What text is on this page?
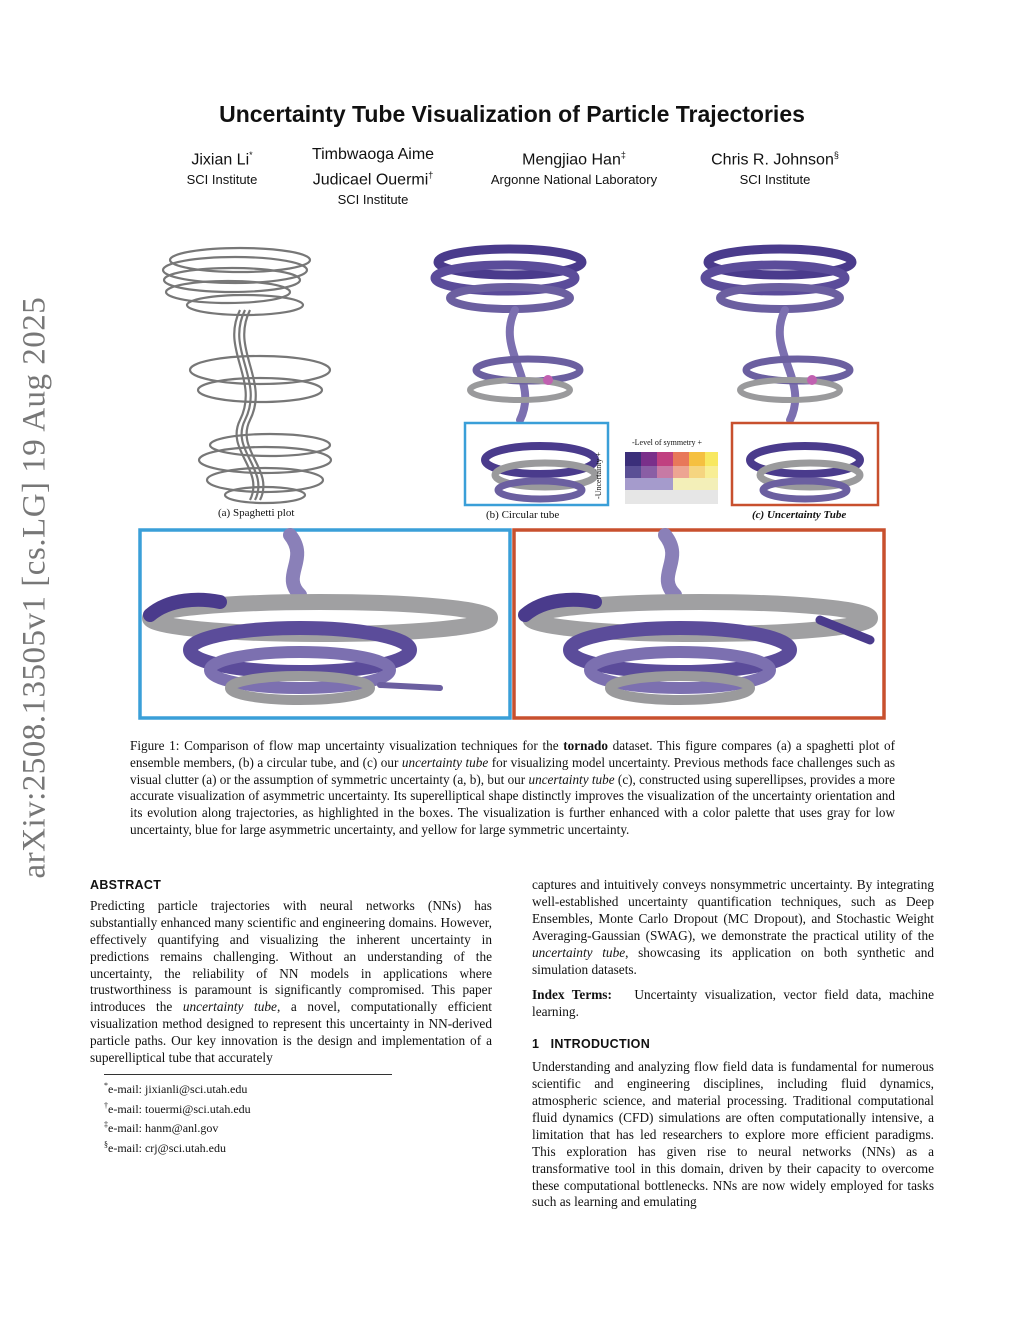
arXiv:2508.13505v1 [cs.LG] 19 Aug 2025
Uncertainty Tube Visualization of Particle Trajectories
Jixian Li*
SCI Institute
Timbwaoga Aime
Judicael Ouermi†
SCI Institute
Mengjiao Han‡
Argonne National Laboratory
Chris R. Johnson§
SCI Institute
(a) Spaghetti plot	(b) Circular tube	(c) Uncertainty Tube
-Level of symmetry +
-Uncertainty +
Figure 1: Comparison of flow map uncertainty visualization techniques for the tornado dataset. This figure compares (a) a spaghetti plot of ensemble members, (b) a circular tube, and (c) our uncertainty tube for visualizing model uncertainty. Previous methods face challenges such as visual clutter (a) or the assumption of symmetric uncertainty (a, b), but our uncertainty tube (c), constructed using superellipses, provides a more accurate visualization of asymmetric uncertainty. Its superelliptical shape distinctly improves the visualization of the uncertainty orientation and its evolution along trajectories, as highlighted in the boxes. The visualization is further enhanced with a color palette that uses gray for low uncertainty, blue for large asymmetric uncertainty, and yellow for large symmetric uncertainty.
ABSTRACT
Predicting particle trajectories with neural networks (NNs) has substantially enhanced many scientific and engineering domains. However, effectively quantifying and visualizing the inherent uncertainty in predictions remains challenging. Without an understanding of the uncertainty, the reliability of NN models in applications where trustworthiness is paramount is significantly compromised. This paper introduces the uncertainty tube, a novel, computationally efficient visualization method designed to represent this uncertainty in NN-derived particle paths. Our key innovation is the design and implementation of a superelliptical tube that accurately
*e-mail: jixianli@sci.utah.edu
†e-mail: touermi@sci.utah.edu
‡e-mail: hanm@anl.gov
§e-mail: crj@sci.utah.edu
captures and intuitively conveys nonsymmetric uncertainty. By integrating well-established uncertainty quantification techniques, such as Deep Ensembles, Monte Carlo Dropout (MC Dropout), and Stochastic Weight Averaging-Gaussian (SWAG), we demonstrate the practical utility of the uncertainty tube, showcasing its application on both synthetic and simulation datasets.
Index Terms: Uncertainty visualization, vector field data, machine learning.
1 INTRODUCTION
Understanding and analyzing flow field data is fundamental for numerous scientific and engineering disciplines, including fluid dynamics, atmospheric science, and material processing. Traditional computational fluid dynamics (CFD) simulations are often computationally intensive, a limitation that has led researchers to explore more efficient paradigms. This exploration has given rise to neural networks (NNs) as a transformative tool in this domain, driven by their capacity to overcome these computational bottlenecks. NNs are now widely employed for tasks such as learning and emulating
